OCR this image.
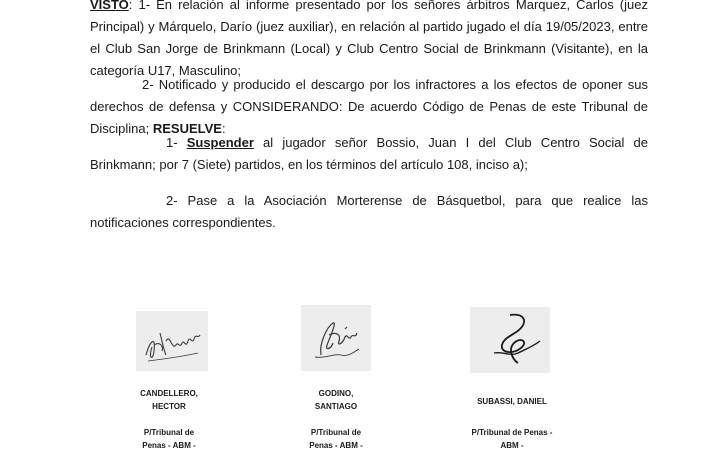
VISTO: 1- En relación al informe presentado por los señores árbitros Marquez, Carlos (juez Principal) y Márquelo, Darío (juez auxiliar), en relación al partido jugado el día 19/05/2023, entre el Club San Jorge de Brinkmann (Local) y Club Centro Social de Brinkmann (Visitante), en la categoría U17, Masculino;
2- Notificado y producido el descargo por los infractores a los efectos de oponer sus derechos de defensa y CONSIDERANDO: De acuerdo Código de Penas de este Tribunal de Disciplina; RESUELVE:
1- Suspender al jugador señor Bossio, Juan I del Club Centro Social de Brinkmann; por 7 (Siete) partidos, en los términos del artículo 108, inciso a);
2- Pase a la Asociación Morterense de Básquetbol, para que realice las notificaciones correspondientes.
CANDELLERO,
HECTOR
P/Tribunal de
Penas - ABM -
GODINO,
SANTIAGO
P/Tribunal de
Penas - ABM -
SUBASSI, DANIEL
P/Tribunal de Penas -
ABM -
